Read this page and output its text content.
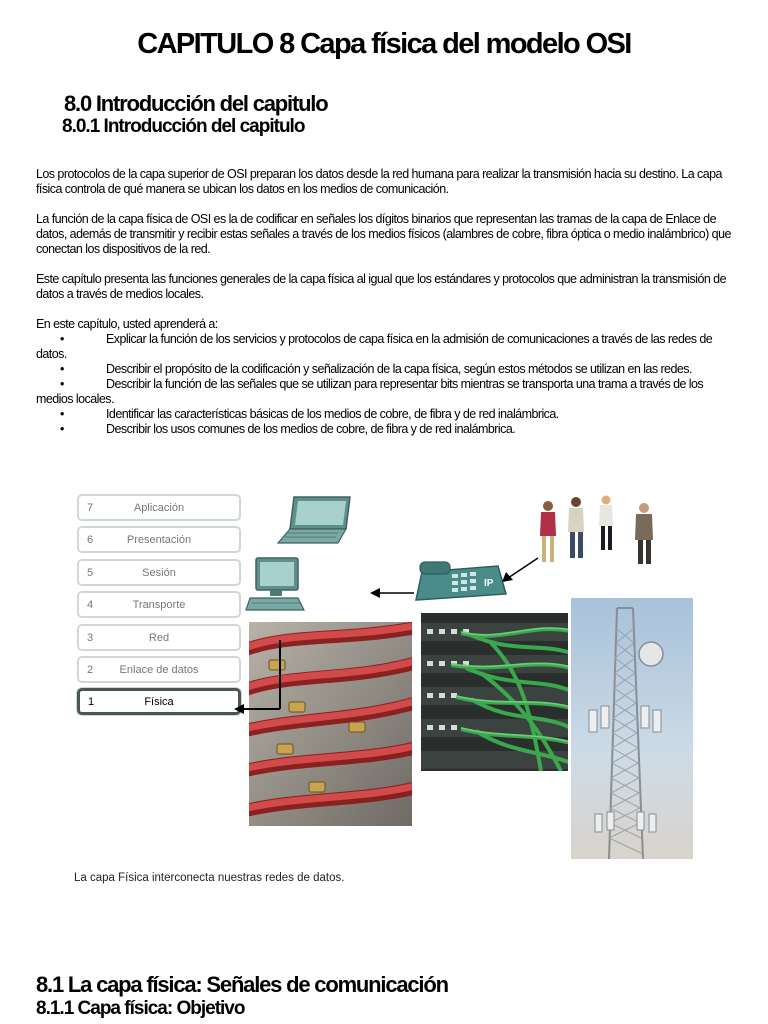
CAPITULO 8 Capa física del modelo OSI
8.0 Introducción del capitulo
8.0.1 Introducción del capitulo

Los protocolos de la capa superior de OSI preparan los datos desde la red humana para realizar la transmisión hacia su destino. La capa física controla de qué manera se ubican los datos en los medios de comunicación.

La función de la capa física de OSI es la de codificar en señales los dígitos binarios que representan las tramas de la capa de Enlace de datos, además de transmitir y recibir estas señales a través de los medios físicos (alambres de cobre, fibra óptica o medio inalámbrico) que conectan los dispositivos de la red.

Este capítulo presenta las funciones generales de la capa física al igual que los estándares y protocolos que administran la transmisión de datos a través de medios locales.

En este capítulo, usted aprenderá a:

•	Explicar la función de los servicios y protocolos de capa física en la admisión de comunicaciones a través de las redes de datos.
•	Describir el propósito de la codificación y señalización de la capa física, según estos métodos se utilizan en las redes.
•	Describir la función de las señales que se utilizan para representar bits mientras se transporta una trama a través de los medios locales.
•	Identificar las características básicas de los medios de cobre, de fibra y de red inalámbrica.
•	Describir los usos comunes de los medios de cobre, de fibra y de red inalámbrica.
7	Aplicación
6	Presentación
5	Sesión
4	Transporte
3	Red
2	Enlace de datos
1	Física
IP
La capa Física interconecta nuestras redes de datos.
8.1 La capa física: Señales de comunicación
8.1.1 Capa física: Objetivo
